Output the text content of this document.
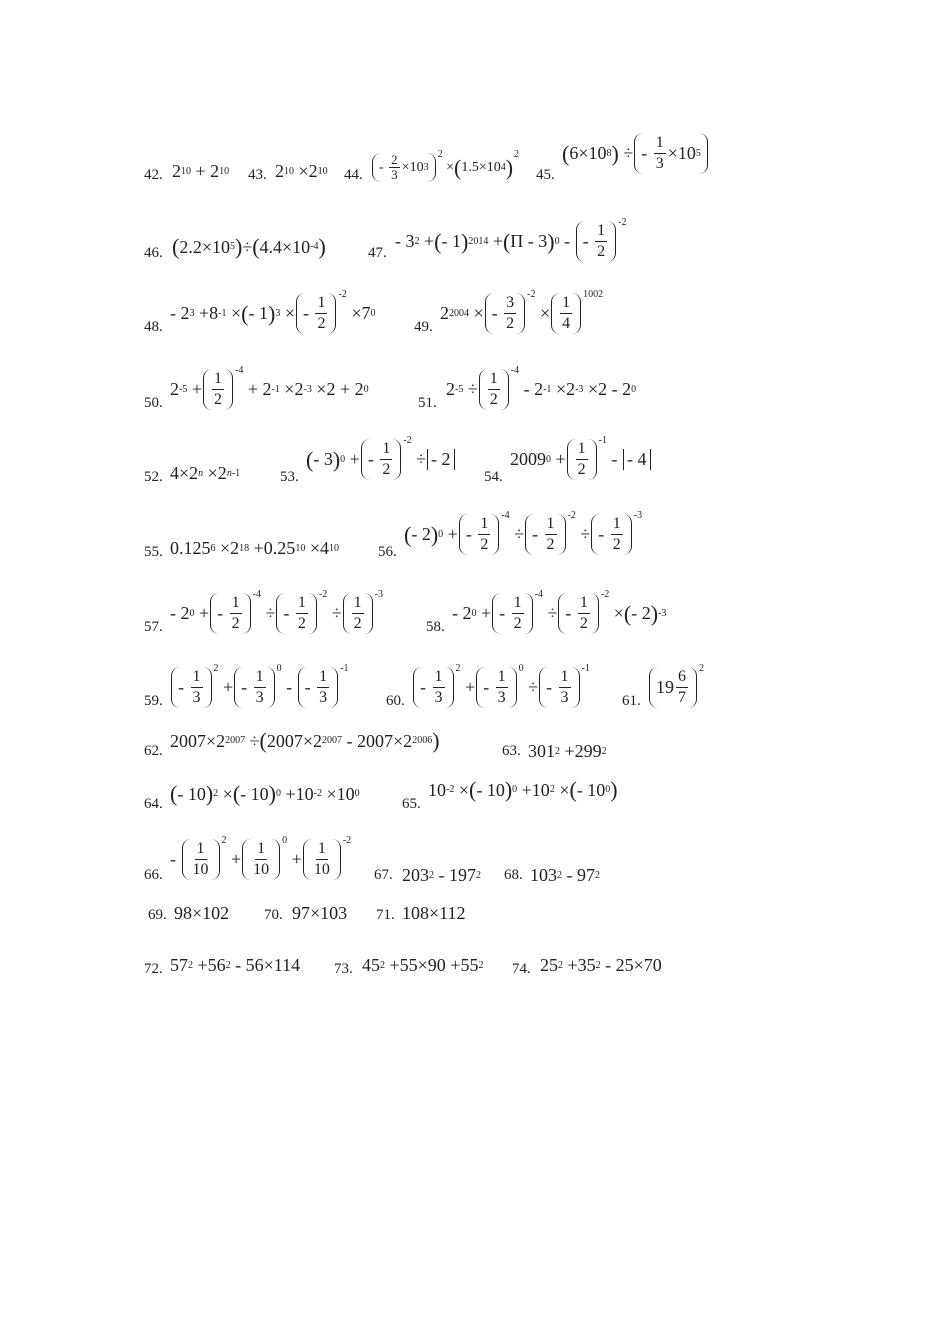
42. 2 10 + 2 10 43. 2 10 ×2 10 44.	- 2
3 ×10 3
2
× ( 1.5×10 4 ) 2
45.
( 6×10 8 ) ÷ -
1
3
×10 5
46. ( 2.2×10 5 ) ÷ ( 4.4×10 -4 )	47.
- 3 2 + ( - 1 ) 2014 + ( Π - 3 ) 0 - -
1
2
-2
48.
- 2 3 +8 -1 × ( - 1 ) 3 × -
1
2
-2
×7 0
49.
2 2004 × -
3
2
-2
×
1
4
1002
50.
2 -5 +
1
2
-4
+ 2 -1 ×2 -3 ×2 + 2 0
51.
2 -5 ÷
1
2
-4
- 2 -1 ×2 -3 ×2 - 2 0
52. 4×2 n ×2 n-1	53.
( - 3 ) 0 + -
1
2
-2
÷ - 2
54.
2009 0 +
1
2
-1
- - 4
55. 0.125 6 ×2 18 +0.25 10 ×4 10	56.
( - 2 ) 0 + -
1
2
-4
÷ -
1
2
-2
÷ -
1
2
-3
57.
- 2 0 + -
1
2
-4
÷ -
1
2
-2
÷
1
2
-3
58.
- 2 0 + -
1
2
-4
÷ -
1
2
-2
× ( - 2 ) -3
59.
-
1
3
2
+ -
1
3
0
- -
1
3
-1
60.
-
1
3
2
+ -
1
3
0
÷ -
1
3
-1
61.
19
6
7
2
62.
2007×2 2007 ÷ ( 2007×2 2007 - 2007×2 2006 )	63. 301 2 +299 2
64. ( - 10 ) 2 × ( - 10 ) 0 +10 -2 ×10 0
65.
10 -2 × ( - 10 ) 0 +10 2 × ( - 10 0 )
66.
-
1
10
2
+
1
10
0
+
1
10
-2
67. 203 2 - 197 2 68. 103 2 - 97 2
69. 98×102 70. 97×103 71. 108×112
72. 57 2 +56 2 - 56×114 73. 45 2 +55×90 +55 2 74. 25 2 +35 2 - 25×70
